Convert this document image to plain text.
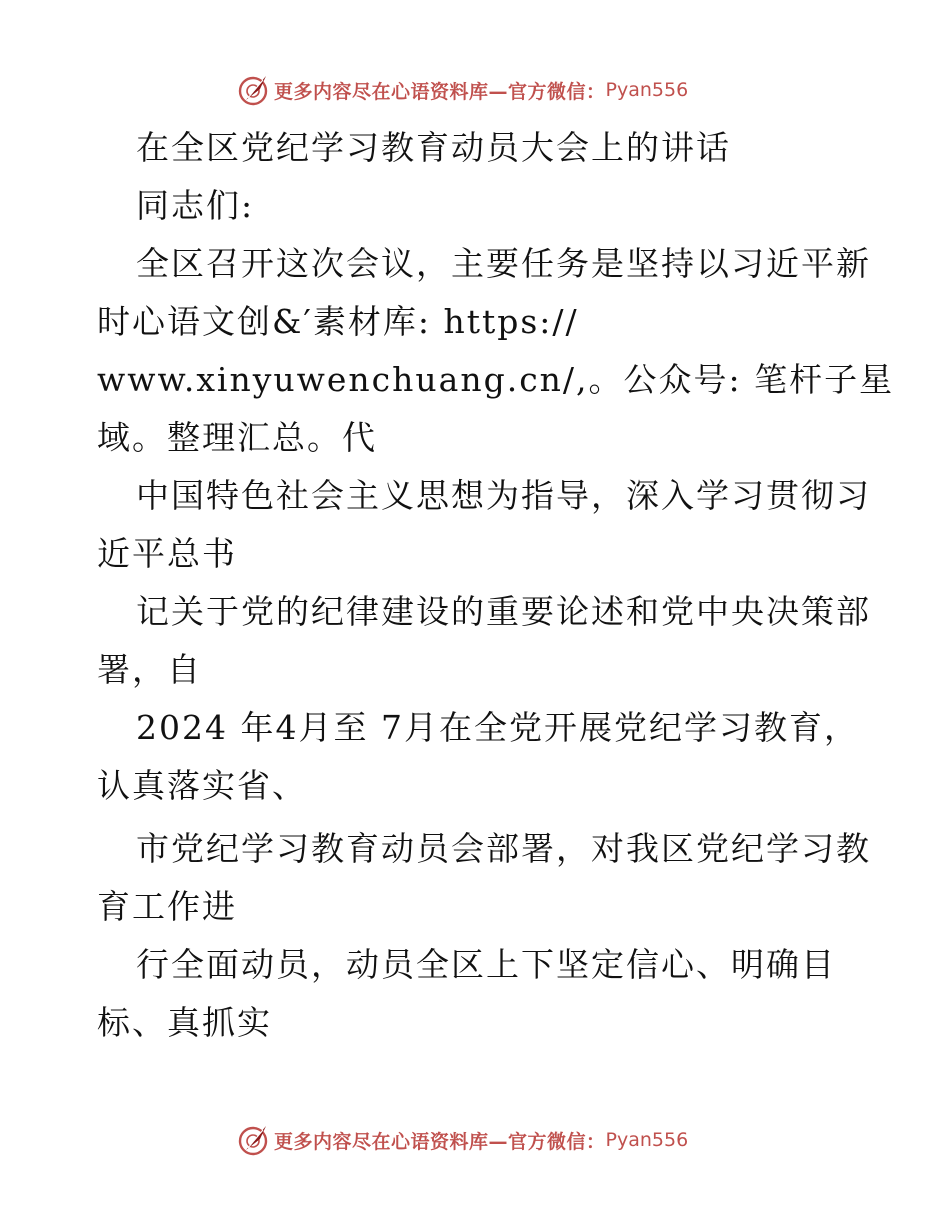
更多内容尽在心语资料库—官方微信： Pyan556
在全区党纪学习教育动员大会上的讲话
同志们:
全区召开这次会议，主要任务是坚持以习近平新
时心语文创&′素材库: https://
www.xinyuwenchuang.cn/,。公众号: 笔杆子星
域。整理汇总。代
中国特色社会主义思想为指导，深入学习贯彻习
近平总书
记关于党的纪律建设的重要论述和党中央决策部
署，自
2024 年4月至 7月在全党开展党纪学习教育，
认真落实省、
市党纪学习教育动员会部署，对我区党纪学习教
育工作进
行全面动员，动员全区上下坚定信心、明确目
标、真抓实
更多内容尽在心语资料库—官方微信： Pyan556
